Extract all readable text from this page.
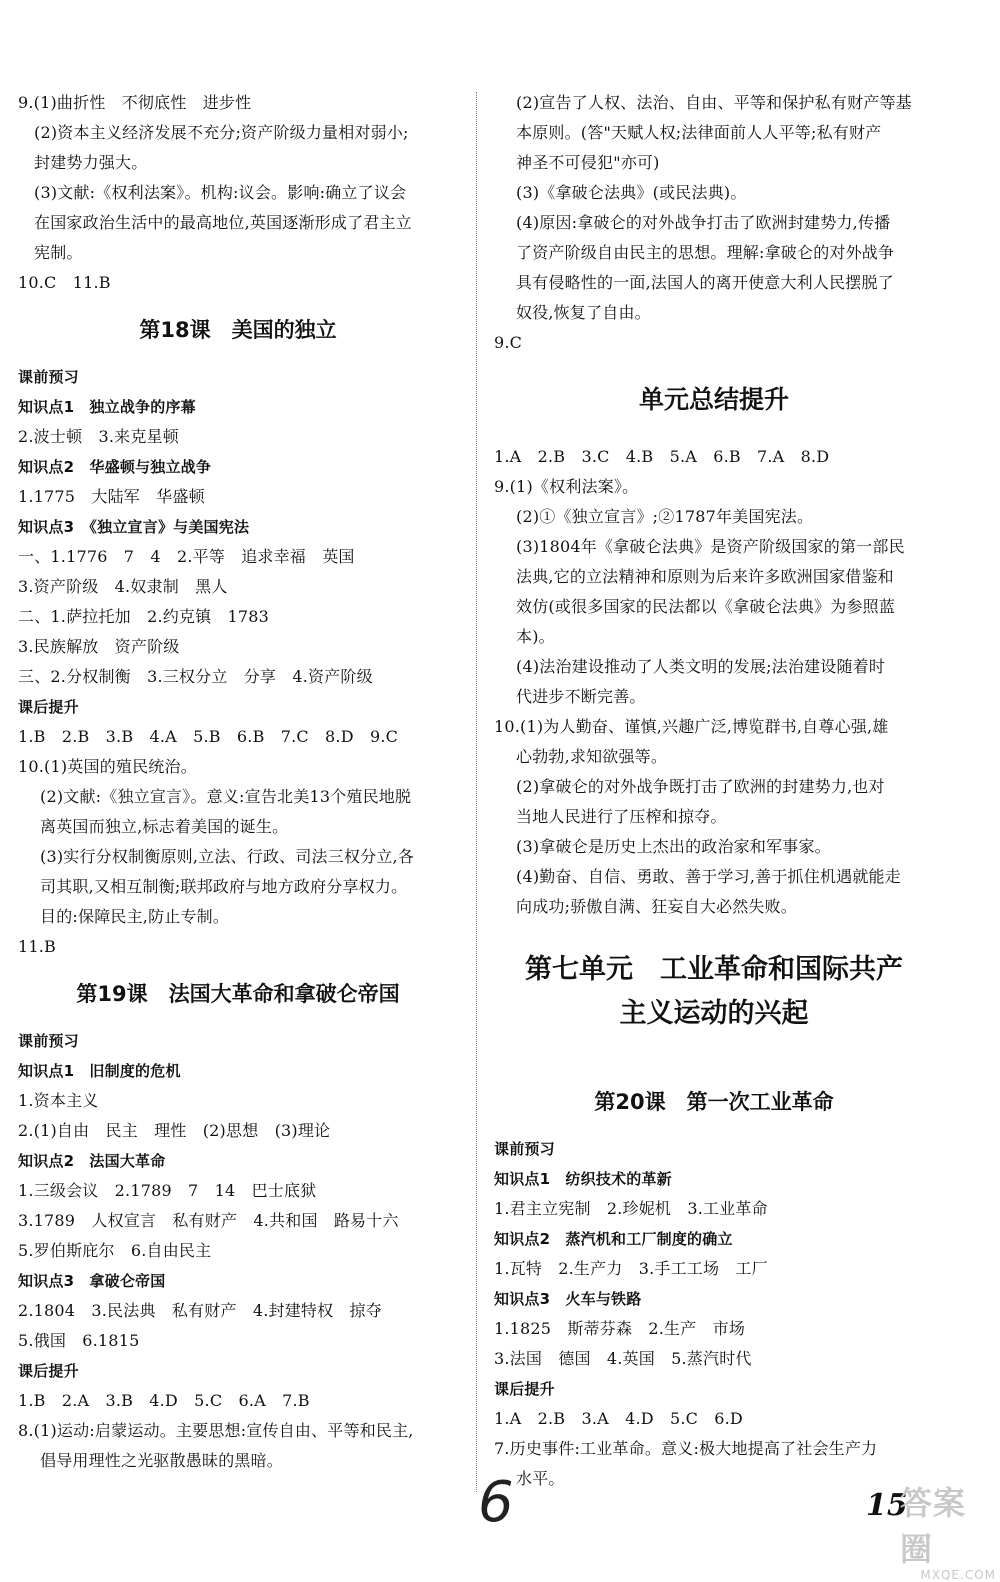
9.(1)曲折性　不彻底性　进步性
(2)资本主义经济发展不充分;资产阶级力量相对弱小;
封建势力强大。
(3)文献:《权利法案》。机构:议会。影响:确立了议会
在国家政治生活中的最高地位,英国逐渐形成了君主立
宪制。
10.C　11.B
第18课　美国的独立
课前预习
知识点1　独立战争的序幕
2.波士顿　3.来克星顿
知识点2　华盛顿与独立战争
1.1775　大陆军　华盛顿
知识点3　《独立宣言》与美国宪法
一、1.1776　7　4　2.平等　追求幸福　英国
3.资产阶级　4.奴隶制　黑人
二、1.萨拉托加　2.约克镇　1783
3.民族解放　资产阶级
三、2.分权制衡　3.三权分立　分享　4.资产阶级
课后提升
1.B　2.B　3.B　4.A　5.B　6.B　7.C　8.D　9.C
10.(1)英国的殖民统治。
(2)文献:《独立宣言》。意义:宣告北美13个殖民地脱
离英国而独立,标志着美国的诞生。
(3)实行分权制衡原则,立法、行政、司法三权分立,各
司其职,又相互制衡;联邦政府与地方政府分享权力。
目的:保障民主,防止专制。
11.B
第19课　法国大革命和拿破仑帝国
课前预习
知识点1　旧制度的危机
1.资本主义
2.(1)自由　民主　理性　(2)思想　(3)理论
知识点2　法国大革命
1.三级会议　2.1789　7　14　巴士底狱
3.1789　人权宣言　私有财产　4.共和国　路易十六
5.罗伯斯庇尔　6.自由民主
知识点3　拿破仑帝国
2.1804　3.民法典　私有财产　4.封建特权　掠夺
5.俄国　6.1815
课后提升
1.B　2.A　3.B　4.D　5.C　6.A　7.B
8.(1)运动:启蒙运动。主要思想:宣传自由、平等和民主,
倡导用理性之光驱散愚昧的黑暗。
(2)宣告了人权、法治、自由、平等和保护私有财产等基
本原则。(答"天赋人权;法律面前人人平等;私有财产
神圣不可侵犯"亦可)
(3)《拿破仑法典》(或民法典)。
(4)原因:拿破仑的对外战争打击了欧洲封建势力,传播
了资产阶级自由民主的思想。理解:拿破仑的对外战争
具有侵略性的一面,法国人的离开使意大利人民摆脱了
奴役,恢复了自由。
9.C
单元总结提升
1.A　2.B　3.C　4.B　5.A　6.B　7.A　8.D
9.(1)《权利法案》。
(2)①《独立宣言》;②1787年美国宪法。
(3)1804年《拿破仑法典》是资产阶级国家的第一部民
法典,它的立法精神和原则为后来许多欧洲国家借鉴和
效仿(或很多国家的民法都以《拿破仑法典》为参照蓝
本)。
(4)法治建设推动了人类文明的发展;法治建设随着时
代进步不断完善。
10.(1)为人勤奋、谨慎,兴趣广泛,博览群书,自尊心强,雄
心勃勃,求知欲强等。
(2)拿破仑的对外战争既打击了欧洲的封建势力,也对
当地人民进行了压榨和掠夺。
(3)拿破仑是历史上杰出的政治家和军事家。
(4)勤奋、自信、勇敢、善于学习,善于抓住机遇就能走
向成功;骄傲自满、狂妄自大必然失败。
第七单元　工业革命和国际共产
主义运动的兴起
第20课　第一次工业革命
课前预习
知识点1　纺织技术的革新
1.君主立宪制　2.珍妮机　3.工业革命
知识点2　蒸汽机和工厂制度的确立
1.瓦特　2.生产力　3.手工工场　工厂
知识点3　火车与铁路
1.1825　斯蒂芬森　2.生产　市场
3.法国　德国　4.英国　5.蒸汽时代
课后提升
1.A　2.B　3.A　4.D　5.C　6.D
7.历史事件:工业革命。意义:极大地提高了社会生产力
水平。
6	15
答案圈
MXQE.COM
